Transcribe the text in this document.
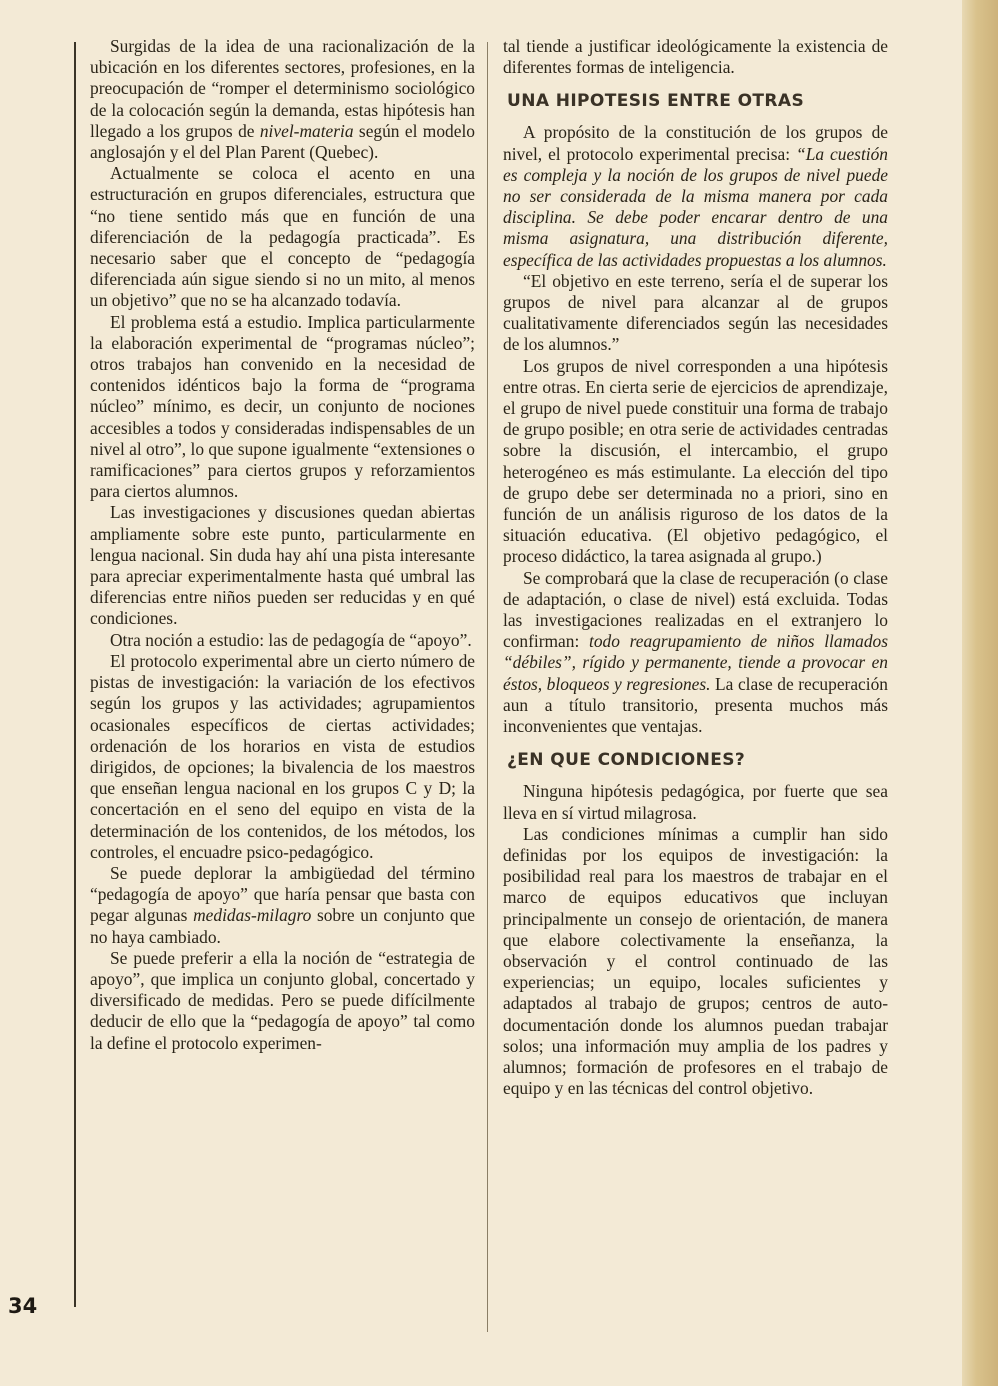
Surgidas de la idea de una racionalización de la ubicación en los diferentes sectores, profesiones, en la preocupación de “romper el determinismo sociológico de la colocación según la demanda, estas hipótesis han llegado a los grupos de nivel-materia según el modelo anglosajón y el del Plan Parent (Quebec).

Actualmente se coloca el acento en una estructuración en grupos diferenciales, estructura que “no tiene sentido más que en función de una diferenciación de la pedagogía practicada”. Es necesario saber que el concepto de “pedagogía diferenciada aún sigue siendo si no un mito, al menos un objetivo” que no se ha alcanzado todavía.

El problema está a estudio. Implica particularmente la elaboración experimental de “programas núcleo”; otros trabajos han convenido en la necesidad de contenidos idénticos bajo la forma de “programa núcleo” mínimo, es decir, un conjunto de nociones accesibles a todos y consideradas indispensables de un nivel al otro”, lo que supone igualmente “extensiones o ramificaciones” para ciertos grupos y reforzamientos para ciertos alumnos.

Las investigaciones y discusiones quedan abiertas ampliamente sobre este punto, particularmente en lengua nacional. Sin duda hay ahí una pista interesante para apreciar experimentalmente hasta qué umbral las diferencias entre niños pueden ser reducidas y en qué condiciones.

Otra noción a estudio: las de pedagogía de “apoyo”.

El protocolo experimental abre un cierto número de pistas de investigación: la variación de los efectivos según los grupos y las actividades; agrupamientos ocasionales específicos de ciertas actividades; ordenación de los horarios en vista de estudios dirigidos, de opciones; la bivalencia de los maestros que enseñan lengua nacional en los grupos C y D; la concertación en el seno del equipo en vista de la determinación de los contenidos, de los métodos, los controles, el encuadre psico-pedagógico.

Se puede deplorar la ambigüedad del término “pedagogía de apoyo” que haría pensar que basta con pegar algunas medidas-milagro sobre un conjunto que no haya cambiado.

Se puede preferir a ella la noción de “estrategia de apoyo”, que implica un conjunto global, concertado y diversificado de medidas. Pero se puede difícilmente deducir de ello que la “pedagogía de apoyo” tal como la define el protocolo experimen-

tal tiende a justificar ideológicamente la existencia de diferentes formas de inteligencia.

UNA HIPOTESIS ENTRE OTRAS

A propósito de la constitución de los grupos de nivel, el protocolo experimental precisa: “La cuestión es compleja y la noción de los grupos de nivel puede no ser considerada de la misma manera por cada disciplina. Se debe poder encarar dentro de una misma asignatura, una distribución diferente, específica de las actividades propuestas a los alumnos.

“El objetivo en este terreno, sería el de superar los grupos de nivel para alcanzar al de grupos cualitativamente diferenciados según las necesidades de los alumnos.”

Los grupos de nivel corresponden a una hipótesis entre otras. En cierta serie de ejercicios de aprendizaje, el grupo de nivel puede constituir una forma de trabajo de grupo posible; en otra serie de actividades centradas sobre la discusión, el intercambio, el grupo heterogéneo es más estimulante. La elección del tipo de grupo debe ser determinada no a priori, sino en función de un análisis riguroso de los datos de la situación educativa. (El objetivo pedagógico, el proceso didáctico, la tarea asignada al grupo.)

Se comprobará que la clase de recuperación (o clase de adaptación, o clase de nivel) está excluida. Todas las investigaciones realizadas en el extranjero lo confirman: todo reagrupamiento de niños llamados “débiles”, rígido y permanente, tiende a provocar en éstos, bloqueos y regresiones. La clase de recuperación aun a título transitorio, presenta muchos más inconvenientes que ventajas.

¿EN QUE CONDICIONES?

Ninguna hipótesis pedagógica, por fuerte que sea lleva en sí virtud milagrosa.

Las condiciones mínimas a cumplir han sido definidas por los equipos de investigación: la posibilidad real para los maestros de trabajar en el marco de equipos educativos que incluyan principalmente un consejo de orientación, de manera que elabore colectivamente la enseñanza, la observación y el control continuado de las experiencias; un equipo, locales suficientes y adaptados al trabajo de grupos; centros de auto-documentación donde los alumnos puedan trabajar solos; una información muy amplia de los padres y alumnos; formación de profesores en el trabajo de equipo y en las técnicas del control objetivo.

34
